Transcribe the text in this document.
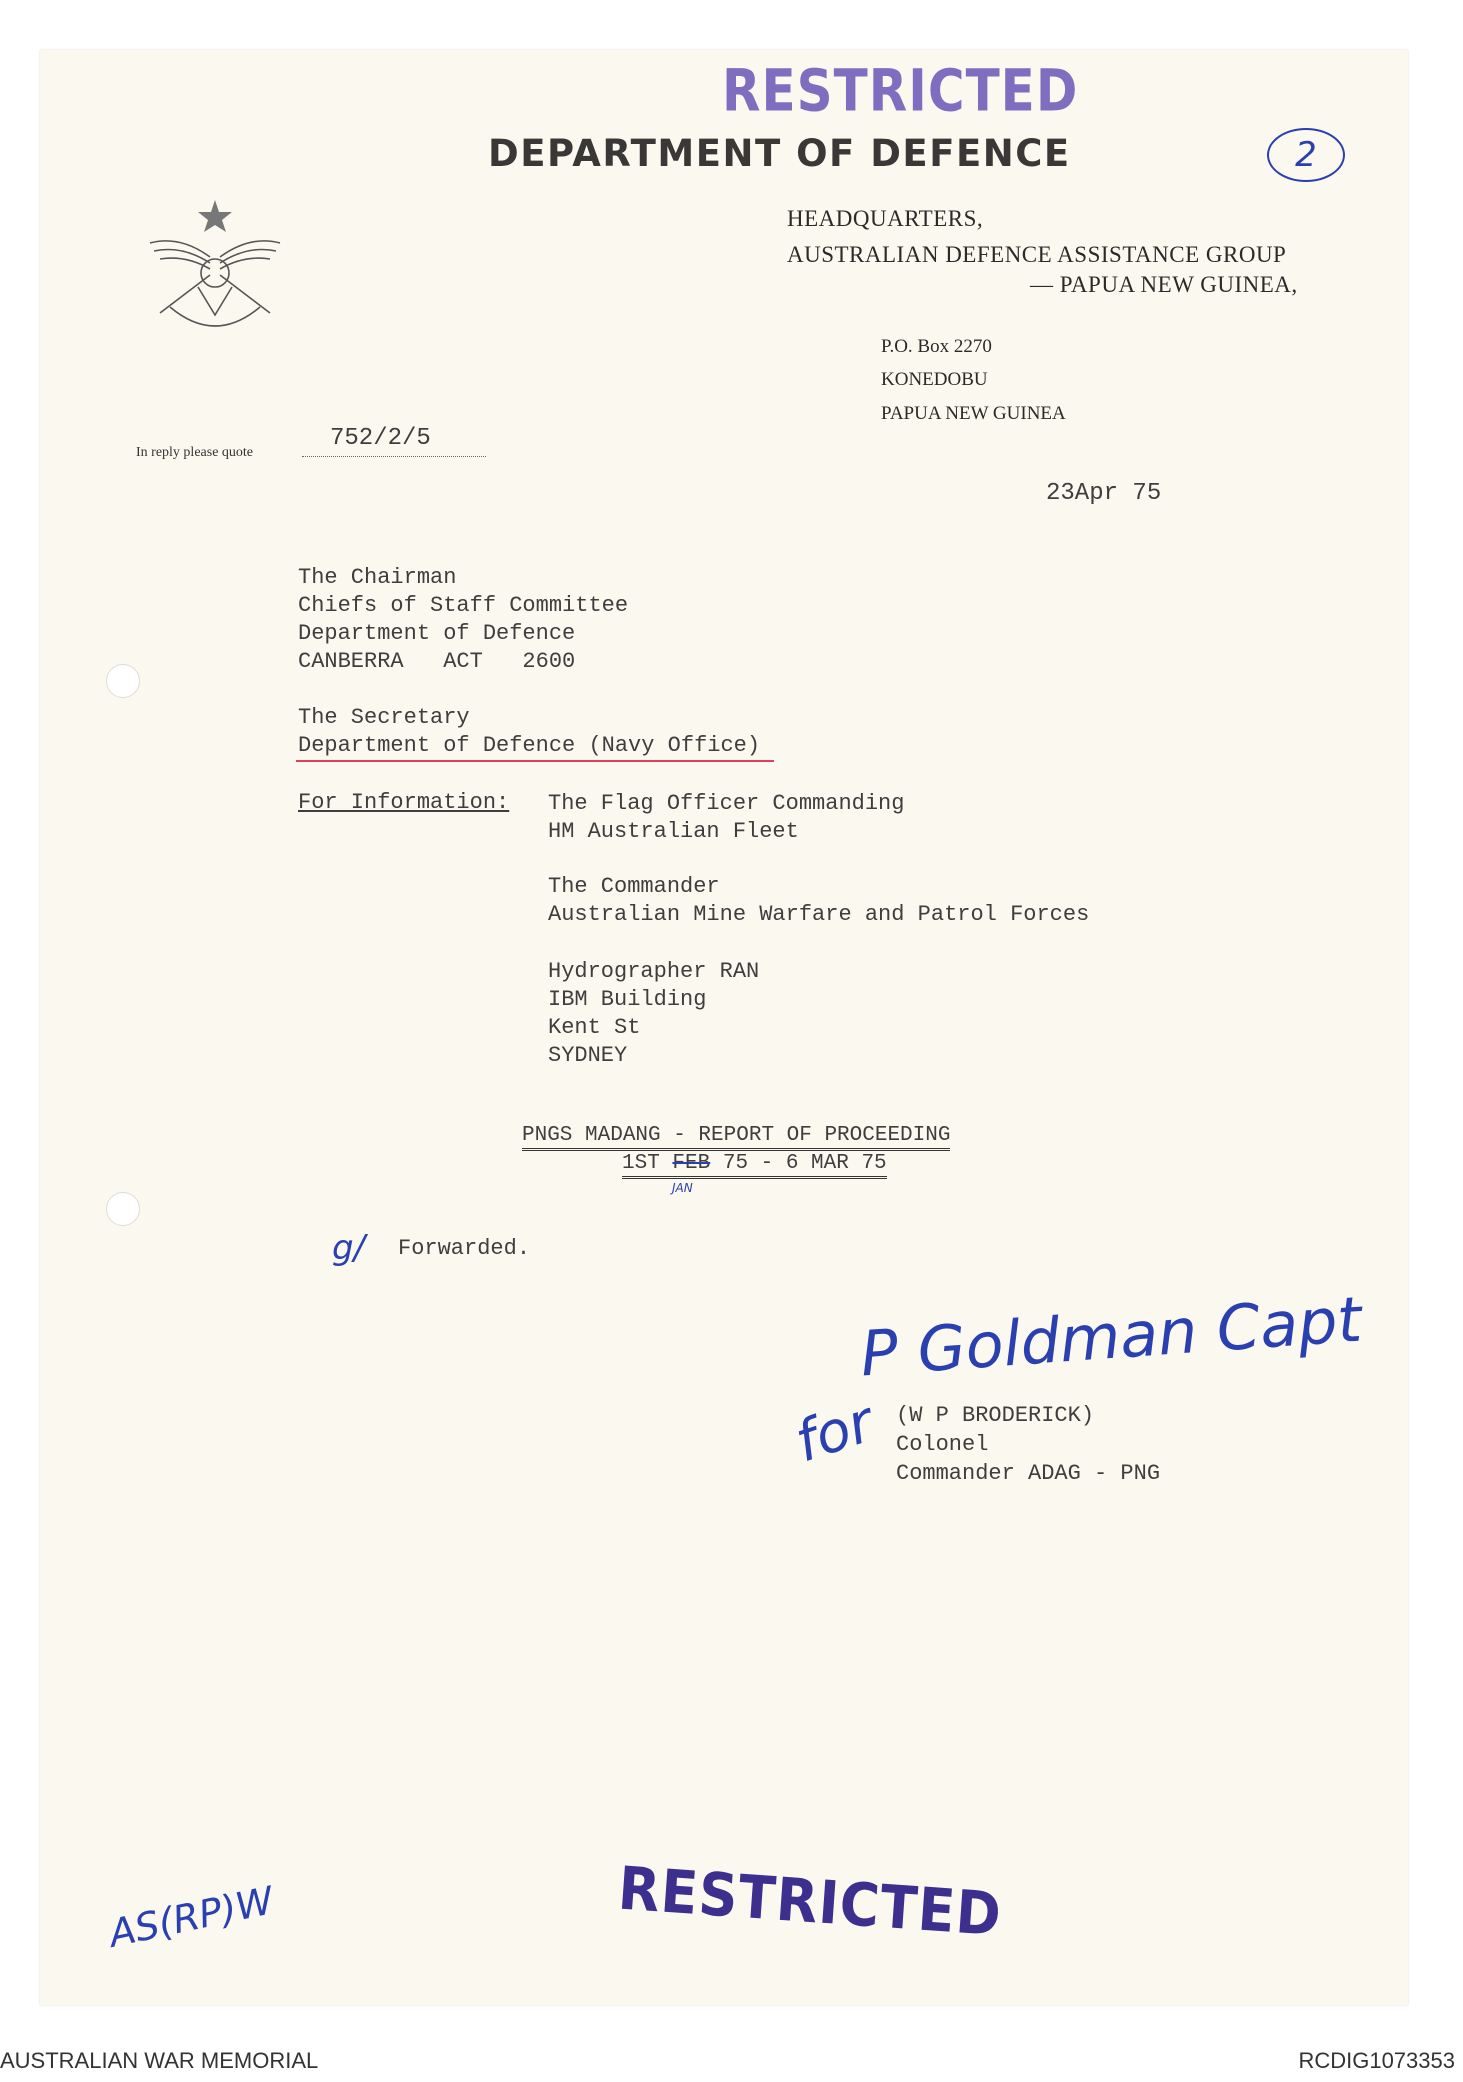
RESTRICTED
DEPARTMENT OF DEFENCE	2
HEADQUARTERS,
AUSTRALIAN DEFENCE ASSISTANCE GROUP
— PAPUA NEW GUINEA,
P.O. Box 2270
KONEDOBU
PAPUA NEW GUINEA
In reply please quote
752/2/5
23Apr 75
The Chairman
Chiefs of Staff Committee
Department of Defence
CANBERRA   ACT   2600
The Secretary
Department of Defence (Navy Office)
For Information: The Flag Officer Commanding
HM Australian Fleet
The Commander
Australian Mine Warfare and Patrol Forces
Hydrographer RAN
IBM Building
Kent St
SYDNEY
PNGS MADANG - REPORT OF PROCEEDING
1ST FEB 75 - 6 MAR 75
JAN
g/ Forwarded.
P Goldman Capt
for (W P BRODERICK)
Colonel
Commander ADAG - PNG
AS(RP)W	RESTRICTED
AUSTRALIAN WAR MEMORIAL	RCDIG1073353
